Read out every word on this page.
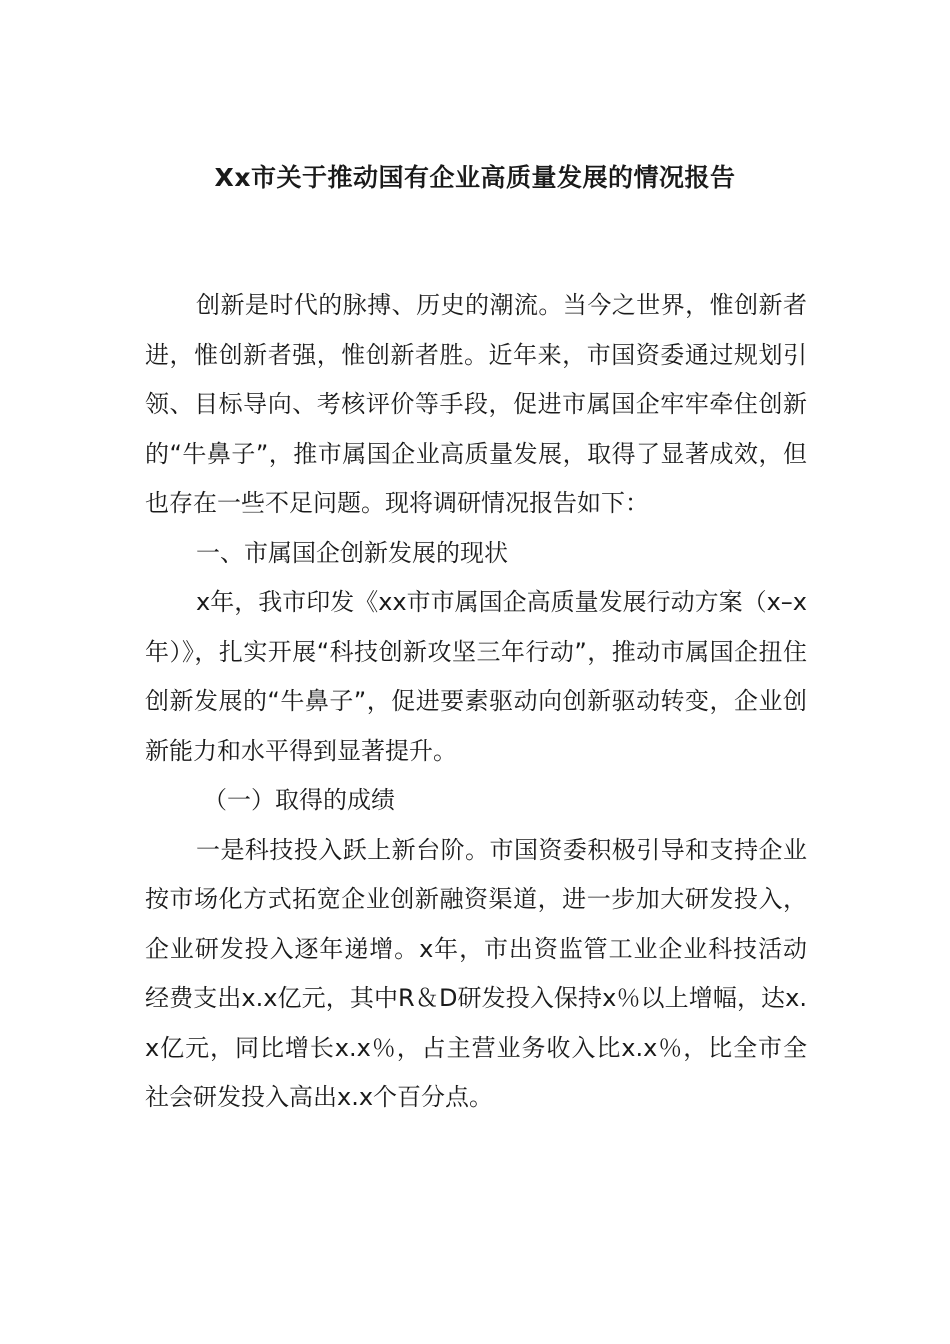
Xx市关于推动国有企业高质量发展的情况报告

创新是时代的脉搏、历史的潮流。当今之世界，惟创新者进，惟创新者强，惟创新者胜。近年来，市国资委通过规划引领、目标导向、考核评价等手段，促进市属国企牢牢牵住创新的“牛鼻子”，推市属国企业高质量发展，取得了显著成效，但也存在一些不足问题。现将调研情况报告如下：

一、市属国企创新发展的现状

x年，我市印发《xx市市属国企高质量发展行动方案（x–x年）》，扎实开展“科技创新攻坚三年行动”，推动市属国企扭住创新发展的“牛鼻子”，促进要素驱动向创新驱动转变，企业创新能力和水平得到显著提升。

（一）取得的成绩

一是科技投入跃上新台阶。市国资委积极引导和支持企业按市场化方式拓宽企业创新融资渠道，进一步加大研发投入，企业研发投入逐年递增。x年，市出资监管工业企业科技活动经费支出x.x亿元，其中R＆D研发投入保持x％以上增幅，达x.x亿元，同比增长x.x％，占主营业务收入比x.x％，比全市全社会研发投入高出x.x个百分点。
